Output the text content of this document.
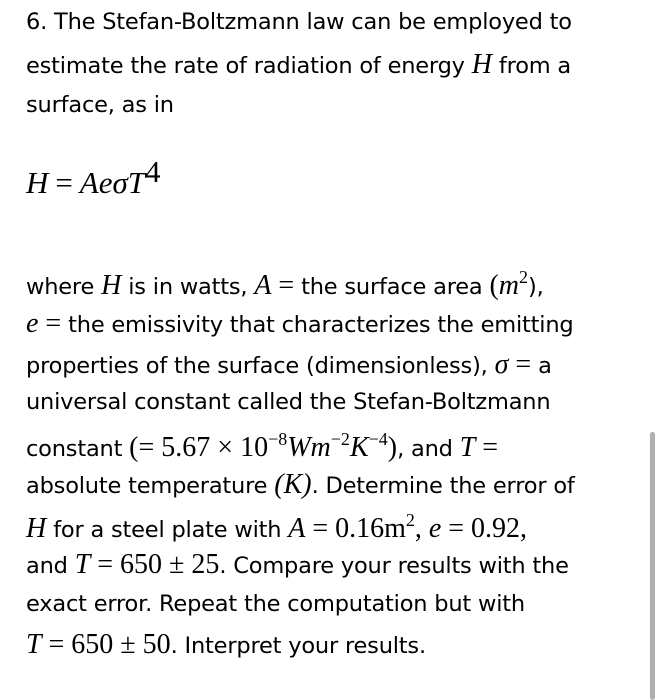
6. The Stefan-Boltzmann law can be employed to
estimate the rate of radiation of energy H from a
surface, as in
H = AeσT$^4$
where H is in watts, A = the surface area $(m^2)$,
e = the emissivity that characterizes the emitting
properties of the surface (dimensionless), σ = a
universal constant called the Stefan-Boltzmann
constant (= $5.67 \times 10^{-8}Wm^{-2}K^{-4}$), and T =
absolute temperature (K). Determine the error of
H for a steel plate with $A = 0.16m^2$, e = 0.92,
and T = 650 ± 25. Compare your results with the
exact error. Repeat the computation but with
T = 650 ± 50. Interpret your results.
